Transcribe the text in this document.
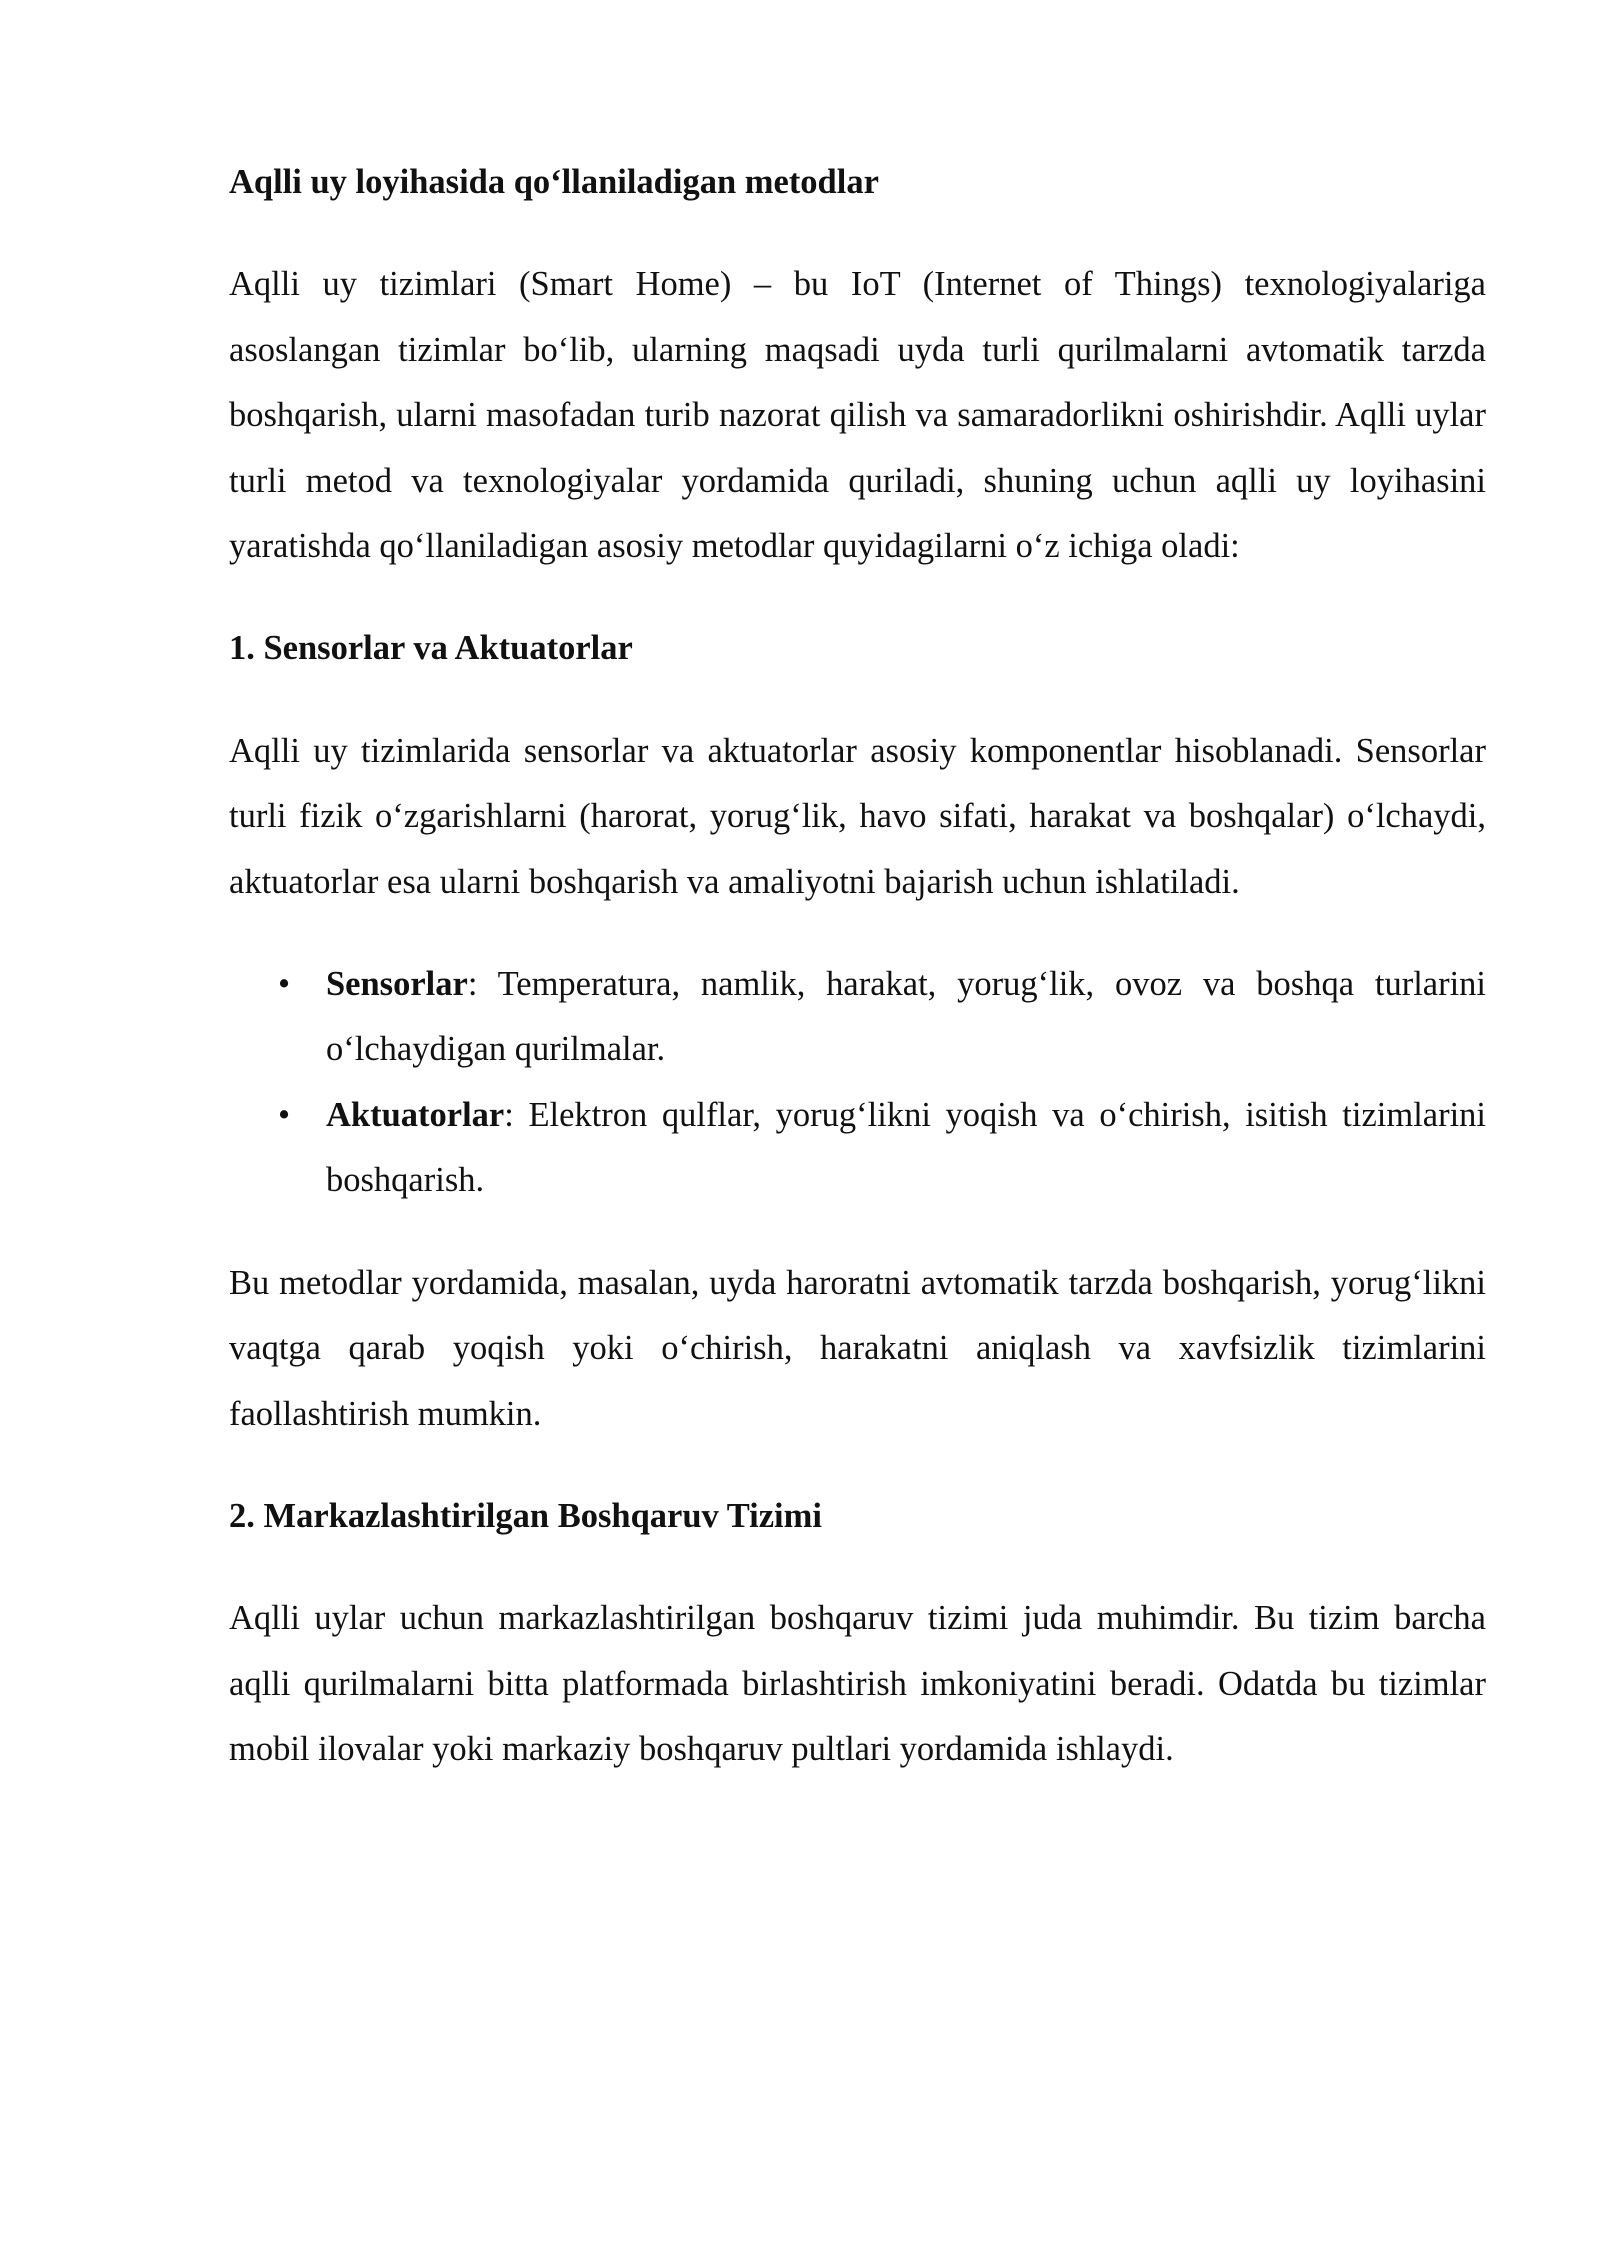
Aqlli uy loyihasida qo‘llaniladigan metodlar

Aqlli uy tizimlari (Smart Home) – bu IoT (Internet of Things) texnologiyalariga asoslangan tizimlar bo‘lib, ularning maqsadi uyda turli qurilmalarni avtomatik tarzda boshqarish, ularni masofadan turib nazorat qilish va samaradorlikni oshirishdir. Aqlli uylar turli metod va texnologiyalar yordamida quriladi, shuning uchun aqlli uy loyihasini yaratishda qo‘llaniladigan asosiy metodlar quyidagilarni o‘z ichiga oladi:

1. Sensorlar va Aktuatorlar

Aqlli uy tizimlarida sensorlar va aktuatorlar asosiy komponentlar hisoblanadi. Sensorlar turli fizik o‘zgarishlarni (harorat, yorug‘lik, havo sifati, harakat va boshqalar) o‘lchaydi, aktuatorlar esa ularni boshqarish va amaliyotni bajarish uchun ishlatiladi.

• Sensorlar: Temperatura, namlik, harakat, yorug‘lik, ovoz va boshqa turlarini o‘lchaydigan qurilmalar.
• Aktuatorlar: Elektron qulflar, yorug‘likni yoqish va o‘chirish, isitish tizimlarini boshqarish.

Bu metodlar yordamida, masalan, uyda haroratni avtomatik tarzda boshqarish, yorug‘likni vaqtga qarab yoqish yoki o‘chirish, harakatni aniqlash va xavfsizlik tizimlarini faollashtirish mumkin.

2. Markazlashtirilgan Boshqaruv Tizimi

Aqlli uylar uchun markazlashtirilgan boshqaruv tizimi juda muhimdir. Bu tizim barcha aqlli qurilmalarni bitta platformada birlashtirish imkoniyatini beradi. Odatda bu tizimlar mobil ilovalar yoki markaziy boshqaruv pultlari yordamida ishlaydi.
